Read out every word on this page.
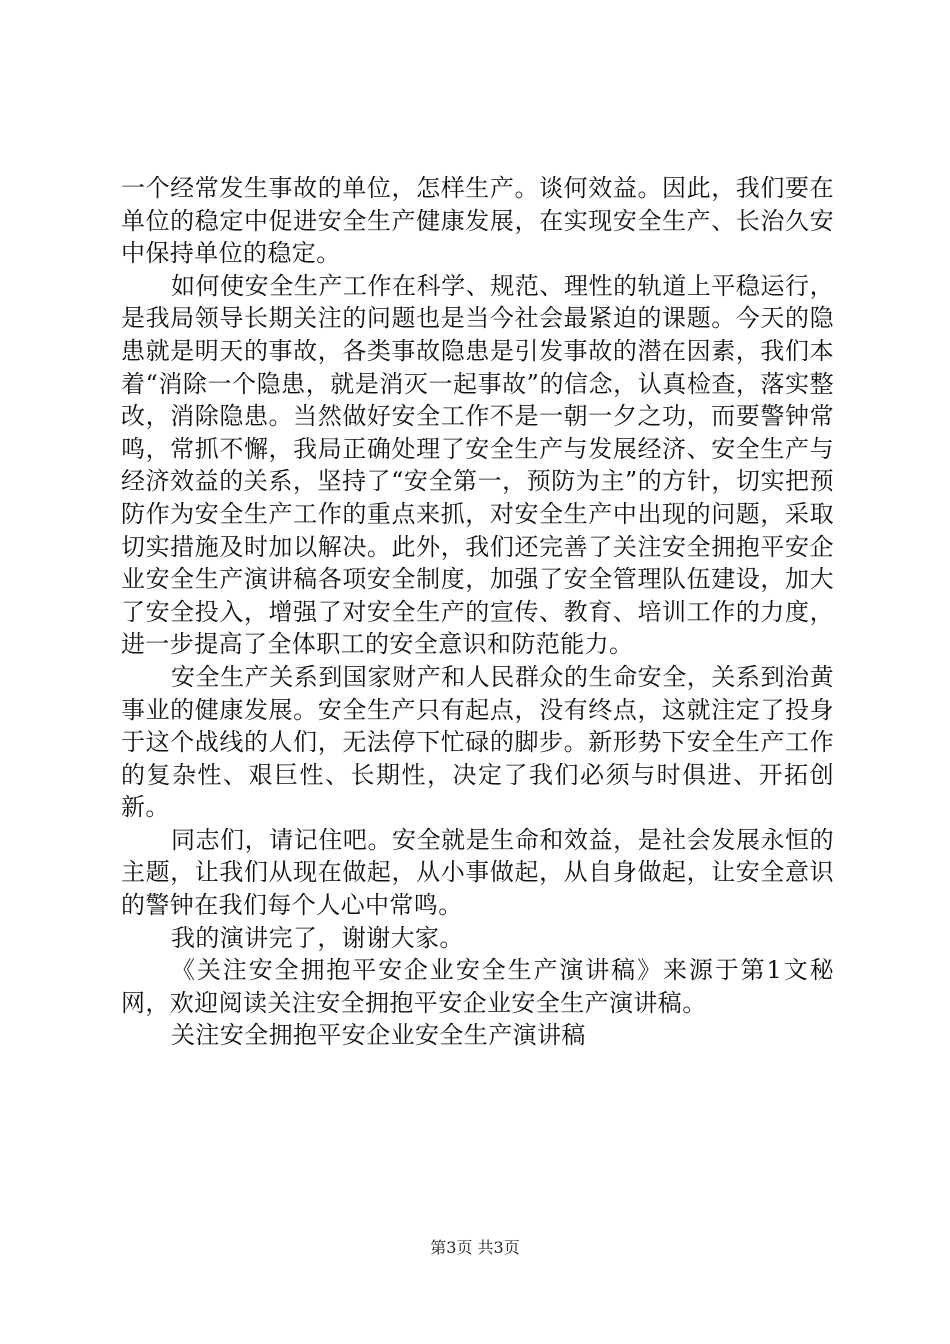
一个经常发生事故的单位，怎样生产。谈何效益。因此，我们要在单位的稳定中促进安全生产健康发展，在实现安全生产、长治久安中保持单位的稳定。

如何使安全生产工作在科学、规范、理性的轨道上平稳运行，是我局领导长期关注的问题也是当今社会最紧迫的课题。今天的隐患就是明天的事故，各类事故隐患是引发事故的潜在因素，我们本着“消除一个隐患，就是消灭一起事故”的信念，认真检查，落实整改，消除隐患。当然做好安全工作不是一朝一夕之功，而要警钟常鸣，常抓不懈，我局正确处理了安全生产与发展经济、安全生产与经济效益的关系，坚持了“安全第一，预防为主”的方针，切实把预防作为安全生产工作的重点来抓，对安全生产中出现的问题，采取切实措施及时加以解决。此外，我们还完善了关注安全拥抱平安企业安全生产演讲稿各项安全制度，加强了安全管理队伍建设，加大了安全投入，增强了对安全生产的宣传、教育、培训工作的力度，进一步提高了全体职工的安全意识和防范能力。

安全生产关系到国家财产和人民群众的生命安全，关系到治黄事业的健康发展。安全生产只有起点，没有终点，这就注定了投身于这个战线的人们，无法停下忙碌的脚步。新形势下安全生产工作的复杂性、艰巨性、长期性，决定了我们必须与时俱进、开拓创新。

同志们，请记住吧。安全就是生命和效益，是社会发展永恒的主题，让我们从现在做起，从小事做起，从自身做起，让安全意识的警钟在我们每个人心中常鸣。

我的演讲完了，谢谢大家。

《关注安全拥抱平安企业安全生产演讲稿》来源于第1文秘网，欢迎阅读关注安全拥抱平安企业安全生产演讲稿。

关注安全拥抱平安企业安全生产演讲稿

第3页 共3页
